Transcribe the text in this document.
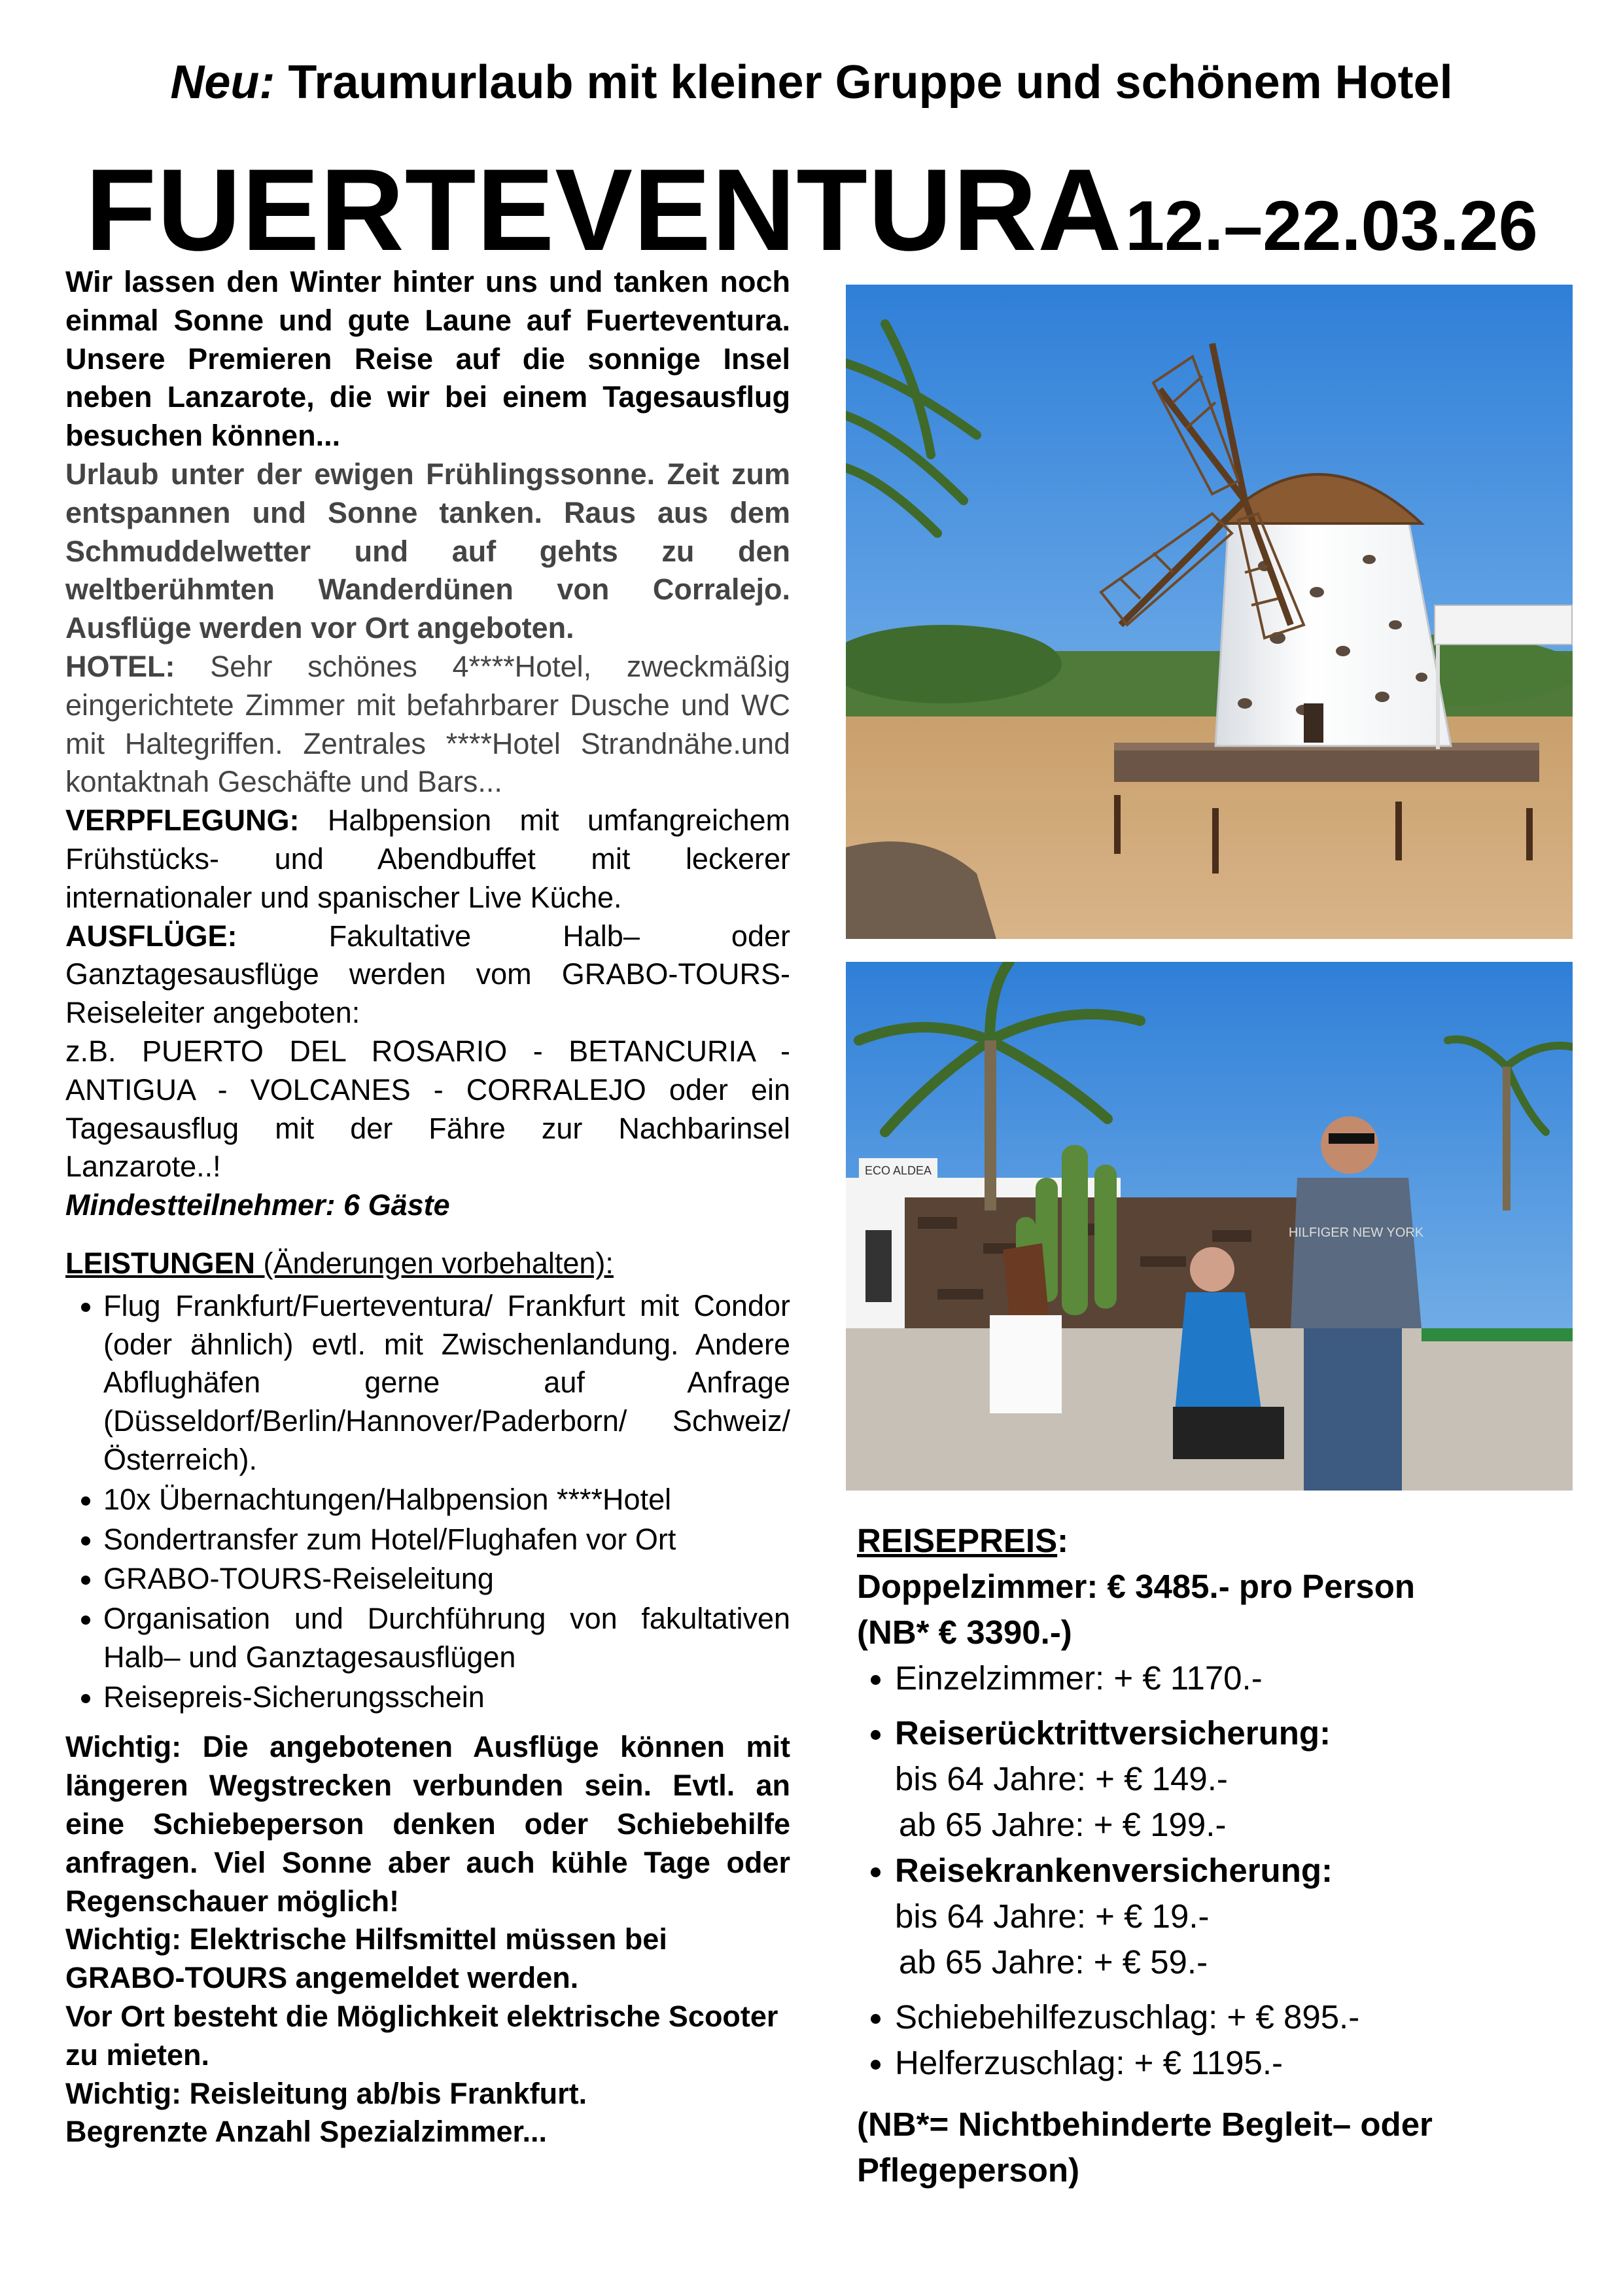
Neu: Traumurlaub mit kleiner Gruppe und schönem Hotel
FUERTEVENTURA 12.–22.03.26

Wir lassen den Winter hinter uns und tanken noch einmal Sonne und gute Laune auf Fuerteventura. Unsere Premieren Reise auf die sonnige Insel neben Lanzarote, die wir bei einem Tagesausflug besuchen können...

Urlaub unter der ewigen Frühlingssonne. Zeit zum entspannen und Sonne tanken. Raus aus dem Schmuddelwetter und auf gehts zu den weltberühmten Wanderdünen von Corralejo. Ausflüge werden vor Ort angeboten.

HOTEL: Sehr schönes 4****Hotel, zweckmäßig eingerichtete Zimmer mit befahrbarer Dusche und WC mit Haltegriffen. Zentrales ****Hotel Strandnähe.und kontaktnah Geschäfte und Bars...

VERPFLEGUNG: Halbpension mit umfangreichem Frühstücks- und Abendbuffet mit leckerer internationaler und spanischer Live Küche.

AUSFLÜGE:	Fakultative Halb– oder Ganztagesausflüge werden vom GRABO-TOURS-Reiseleiter angeboten:

z.B. PUERTO DEL ROSARIO - BETANCURIA - ANTIGUA - VOLCANES - CORRALEJO oder ein Tagesausflug mit der Fähre zur Nachbarinsel Lanzarote..!

Mindestteilnehmer: 6 Gäste

LEISTUNGEN (Änderungen vorbehalten):

• Flug Frankfurt/Fuerteventura/ Frankfurt mit Condor (oder ähnlich) evtl. mit Zwischenlandung. Andere Abflughäfen gerne auf Anfrage (Düsseldorf/Berlin/Hannover/Paderborn/ Schweiz/Österreich).
• 10x Übernachtungen/Halbpension ****Hotel
• Sondertransfer zum Hotel/Flughafen vor Ort
• GRABO-TOURS-Reiseleitung
• Organisation und Durchführung von fakultativen Halb– und Ganztagesausflügen
• Reisepreis-Sicherungsschein

Wichtig: Die angebotenen Ausflüge können mit längeren Wegstrecken verbunden sein. Evtl. an eine Schiebeperson denken oder Schiebehilfe anfragen. Viel Sonne aber auch kühle Tage oder Regenschauer möglich!

Wichtig: Elektrische Hilfsmittel müssen bei GRABO-TOURS angemeldet werden.

Vor Ort besteht die Möglichkeit elektrische Scooter zu mieten.

Wichtig: Reisleitung ab/bis Frankfurt.

Begrenzte Anzahl Spezialzimmer...

ECO ALDEA
HILFIGER NEW YORK

REISEPREIS:

Doppelzimmer: € 3485.- pro Person

(NB* € 3390.-)

• Einzelzimmer: + € 1170.-
• Reiserücktrittversicherung:

bis 64 Jahre: + € 149.-

ab 65 Jahre: + € 199.-

• Reisekrankenversicherung:

bis 64 Jahre: + € 19.-

ab 65 Jahre: + € 59.-

• Schiebehilfezuschlag: + € 895.-
• Helferzuschlag: + € 1195.-

(NB*= Nichtbehinderte Begleit– oder Pflegeperson)
